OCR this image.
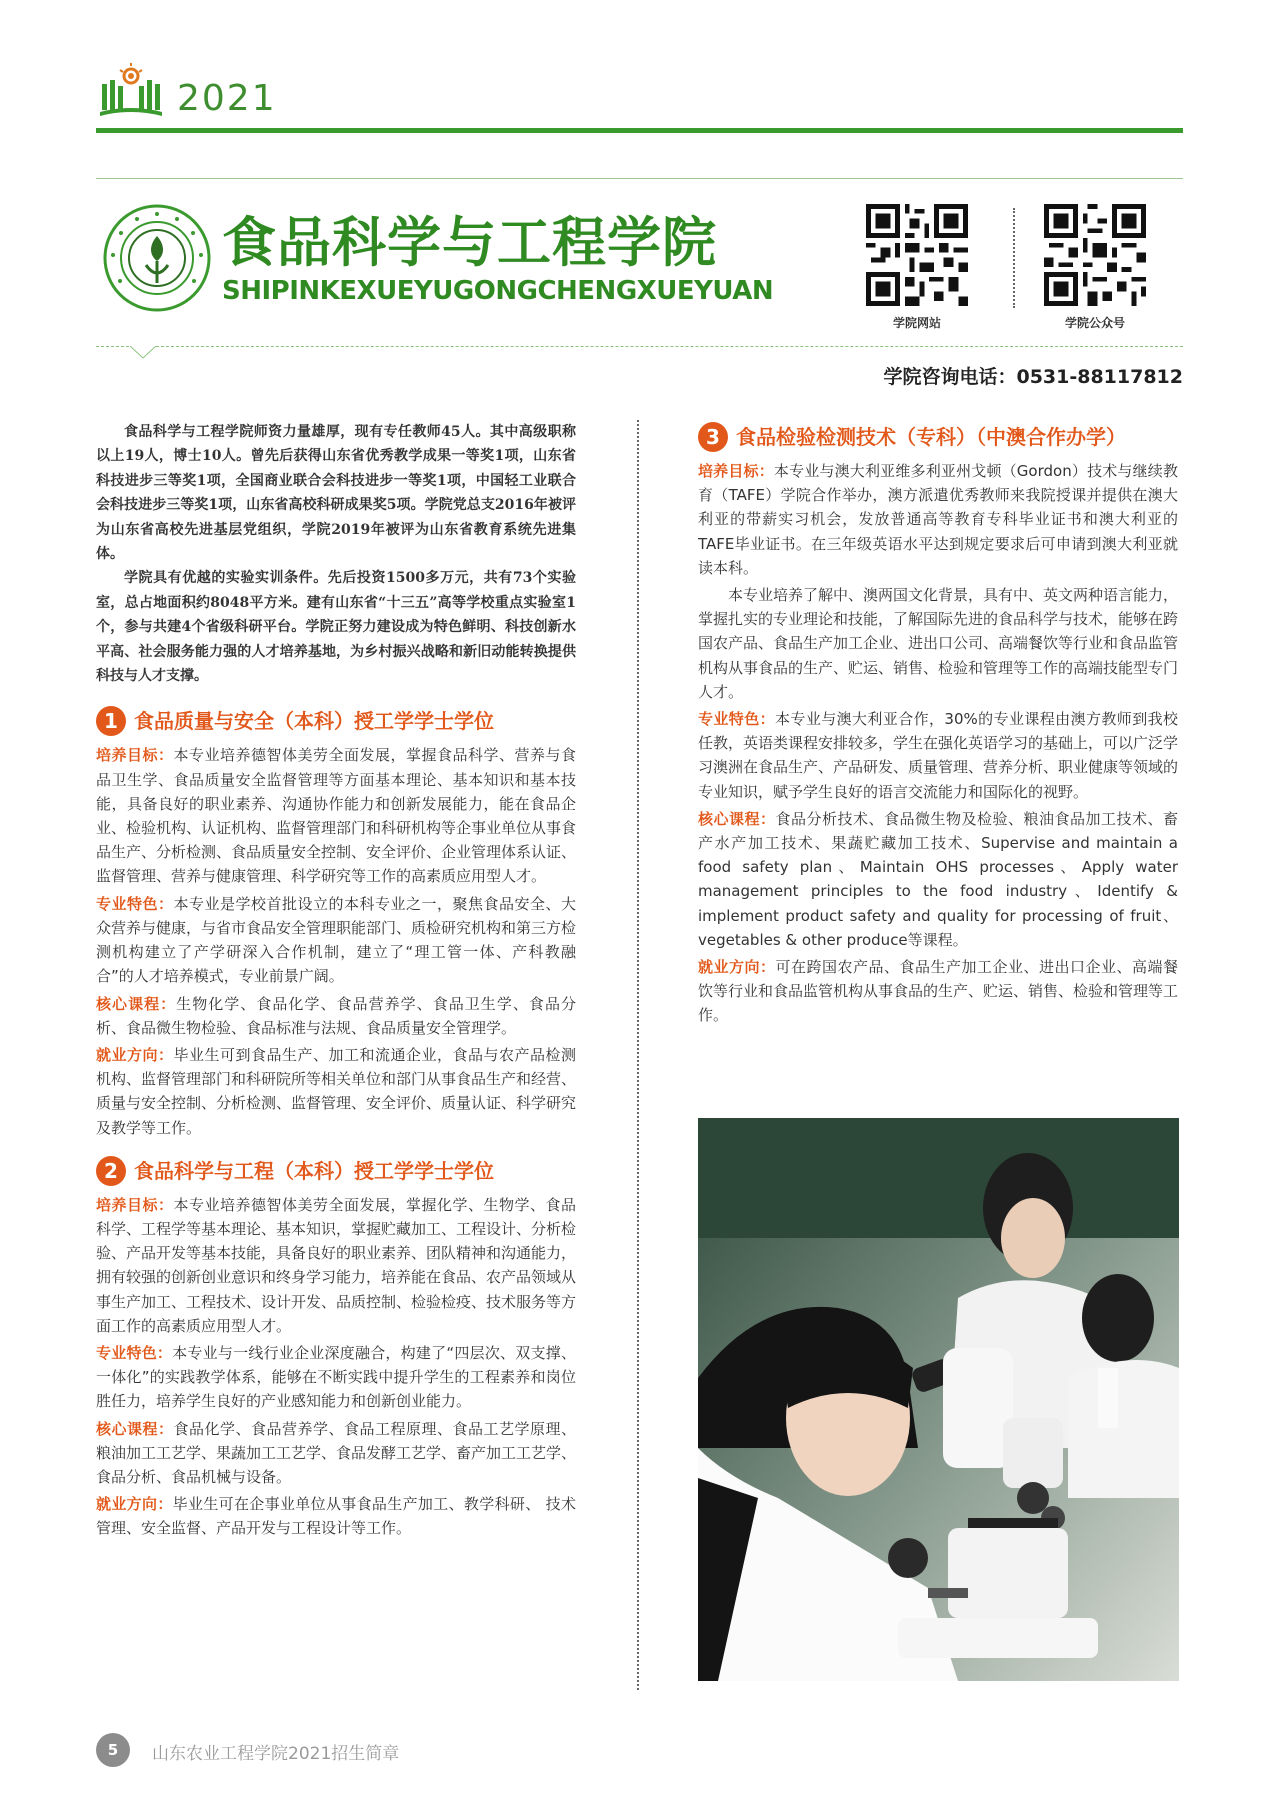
2021
食品科学与工程学院
SHIPINKEXUEYUGONGCHENGXUEYUAN
学院网站	学院公众号
学院咨询电话：0531-88117812

食品科学与工程学院师资力量雄厚，现有专任教师45人。其中高级职称以上19人，博士10人。曾先后获得山东省优秀教学成果一等奖1项，山东省科技进步三等奖1项，全国商业联合会科技进步一等奖1项，中国轻工业联合会科技进步三等奖1项，山东省高校科研成果奖5项。学院党总支2016年被评为山东省高校先进基层党组织，学院2019年被评为山东省教育系统先进集体。

学院具有优越的实验实训条件。先后投资1500多万元，共有73个实验室，总占地面积约8048平方米。建有山东省“十三五”高等学校重点实验室1个，参与共建4个省级科研平台。学院正努力建设成为特色鲜明、科技创新水平高、社会服务能力强的人才培养基地，为乡村振兴战略和新旧动能转换提供科技与人才支撑。

1 食品质量与安全（本科）授工学学士学位
培养目标：本专业培养德智体美劳全面发展，掌握食品科学、营养与食品卫生学、食品质量安全监督管理等方面基本理论、基本知识和基本技能，具备良好的职业素养、沟通协作能力和创新发展能力，能在食品企业、检验机构、认证机构、监督管理部门和科研机构等企事业单位从事食品生产、分析检测、食品质量安全控制、安全评价、企业管理体系认证、监督管理、营养与健康管理、科学研究等工作的高素质应用型人才。
专业特色：本专业是学校首批设立的本科专业之一，聚焦食品安全、大众营养与健康，与省市食品安全管理职能部门、质检研究机构和第三方检测机构建立了产学研深入合作机制，建立了“理工管一体、产科教融合”的人才培养模式，专业前景广阔。
核心课程：生物化学、食品化学、食品营养学、食品卫生学、食品分析、食品微生物检验、食品标准与法规、食品质量安全管理学。
就业方向：毕业生可到食品生产、加工和流通企业，食品与农产品检测机构、监督管理部门和科研院所等相关单位和部门从事食品生产和经营、质量与安全控制、分析检测、监督管理、安全评价、质量认证、科学研究及教学等工作。
2 食品科学与工程（本科）授工学学士学位
培养目标：本专业培养德智体美劳全面发展，掌握化学、生物学、食品科学、工程学等基本理论、基本知识，掌握贮藏加工、工程设计、分析检验、产品开发等基本技能，具备良好的职业素养、团队精神和沟通能力，拥有较强的创新创业意识和终身学习能力，培养能在食品、农产品领域从事生产加工、工程技术、设计开发、品质控制、检验检疫、技术服务等方面工作的高素质应用型人才。
专业特色：本专业与一线行业企业深度融合，构建了“四层次、双支撑、一体化”的实践教学体系，能够在不断实践中提升学生的工程素养和岗位胜任力，培养学生良好的产业感知能力和创新创业能力。
核心课程：食品化学、食品营养学、食品工程原理、食品工艺学原理、粮油加工工艺学、果蔬加工工艺学、食品发酵工艺学、畜产加工工艺学、食品分析、食品机械与设备。
就业方向：毕业生可在企事业单位从事食品生产加工、教学科研、 技术管理、安全监督、产品开发与工程设计等工作。
3 食品检验检测技术（专科）（中澳合作办学）
培养目标：本专业与澳大利亚维多利亚州戈顿（Gordon）技术与继续教育（TAFE）学院合作举办，澳方派遣优秀教师来我院授课并提供在澳大利亚的带薪实习机会，发放普通高等教育专科毕业证书和澳大利亚的TAFE毕业证书。在三年级英语水平达到规定要求后可申请到澳大利亚就读本科。
本专业培养了解中、澳两国文化背景，具有中、英文两种语言能力，掌握扎实的专业理论和技能，了解国际先进的食品科学与技术，能够在跨国农产品、食品生产加工企业、进出口公司、高端餐饮等行业和食品监管机构从事食品的生产、贮运、销售、检验和管理等工作的高端技能型专门人才。
专业特色：本专业与澳大利亚合作，30%的专业课程由澳方教师到我校任教，英语类课程安排较多，学生在强化英语学习的基础上，可以广泛学习澳洲在食品生产、产品研发、质量管理、营养分析、职业健康等领域的专业知识，赋予学生良好的语言交流能力和国际化的视野。
核心课程：食品分析技术、食品微生物及检验、粮油食品加工技术、畜产水产加工技术、果蔬贮藏加工技术、Supervise and maintain a food safety plan、Maintain OHS processes、Apply water management principles to the food industry、Identify & implement product safety and quality for processing of fruit、vegetables & other produce等课程。
就业方向：可在跨国农产品、食品生产加工企业、进出口企业、高端餐饮等行业和食品监管机构从事食品的生产、贮运、销售、检验和管理等工作。
5	山东农业工程学院2021招生简章
